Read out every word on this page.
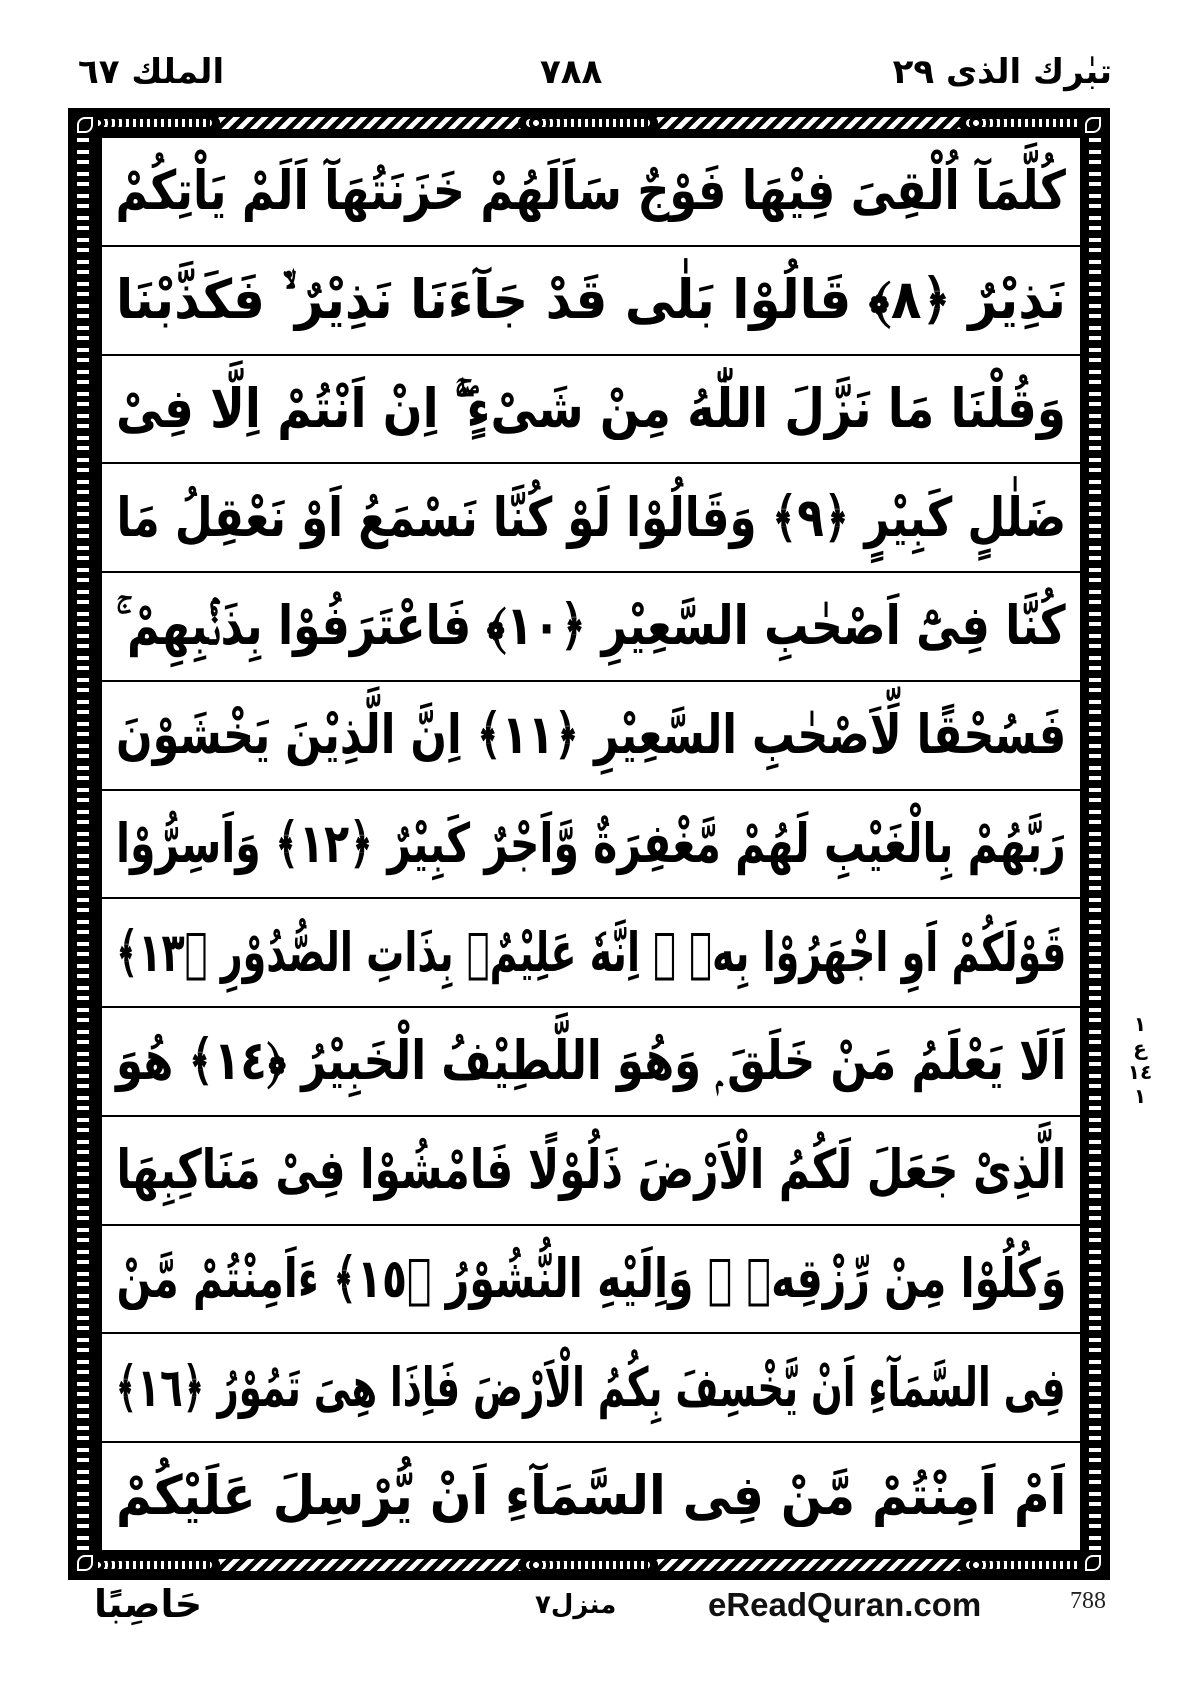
تبٰرك الذی ٢٩
٧٨٨
الملك ٦٧
كُلَّمَآ اُلْقِیَ فِیْهَا فَوْجٌ سَاَلَهُمْ خَزَنَتُهَآ اَلَمْ یَاْتِكُمْ
نَذِیْرٌ ﴿٨﴾ قَالُوْا بَلٰی قَدْ جَآءَنَا نَذِیْرٌ ۙ۬ فَكَذَّبْنَا
وَقُلْنَا مَا نَزَّلَ اللّٰهُ مِنْ شَیْءٍ ۖۚ اِنْ اَنْتُمْ اِلَّا فِیْ
ضَلٰلٍ كَبِیْرٍ ﴿٩﴾ وَقَالُوْا لَوْ كُنَّا نَسْمَعُ اَوْ نَعْقِلُ مَا
كُنَّا فِیْٓ اَصْحٰبِ السَّعِیْرِ ﴿١٠﴾ فَاعْتَرَفُوْا بِذَنْۢبِهِمْ ۚ
فَسُحْقًا لِّاَصْحٰبِ السَّعِیْرِ ﴿١١﴾ اِنَّ الَّذِیْنَ یَخْشَوْنَ
رَبَّهُمْ بِالْغَیْبِ لَهُمْ مَّغْفِرَةٌ وَّاَجْرٌ كَبِیْرٌ ﴿١٢﴾ وَاَسِرُّوْا
قَوْلَكُمْ اَوِ اجْهَرُوْا بِهٖ ۭ اِنَّهٗ عَلِیْمٌۢ بِذَاتِ الصُّدُوْرِ ﴿١٣﴾
اَلَا یَعْلَمُ مَنْ خَلَقَ ۭ وَهُوَ اللَّطِیْفُ الْخَبِیْرُ ﴿١٤﴾ هُوَ
الَّذِیْ جَعَلَ لَكُمُ الْاَرْضَ ذَلُوْلًا فَامْشُوْا فِیْ مَنَاكِبِهَا
وَكُلُوْا مِنْ رِّزْقِهٖ ۭ وَاِلَیْهِ النُّشُوْرُ ﴿١٥﴾ ءَاَمِنْتُمْ مَّنْ
فِی السَّمَآءِ اَنْ یَّخْسِفَ بِكُمُ الْاَرْضَ فَاِذَا هِیَ تَمُوْرُ ﴿١٦﴾
اَمْ اَمِنْتُمْ مَّنْ فِی السَّمَآءِ اَنْ یُّرْسِلَ عَلَیْكُمْ
١
ع ١٤
١
حَاصِبًا	منزل٧	eReadQuran.com	788
